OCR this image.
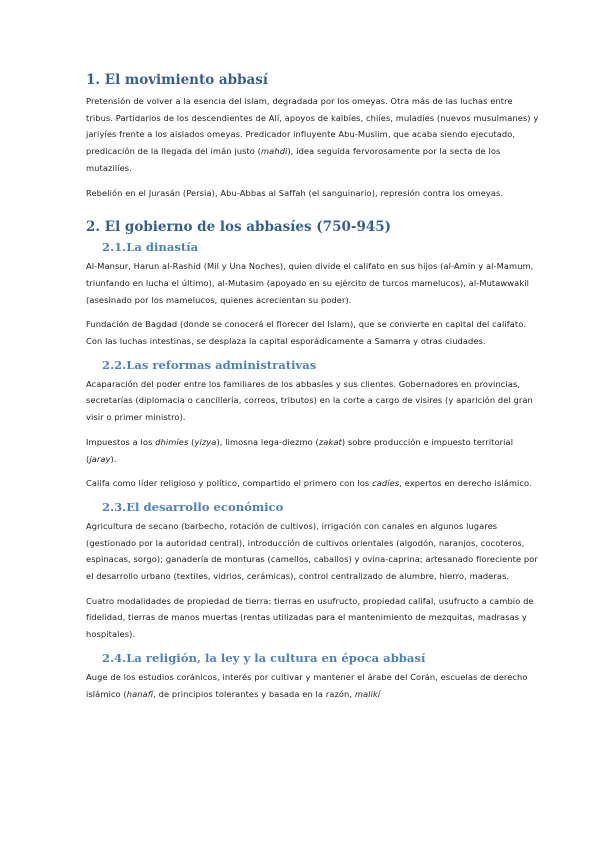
1. El movimiento abbasí

Pretensión de volver a la esencia del islam, degradada por los omeyas. Otra más de las luchas entre tribus. Partidarios de los descendientes de Alí, apoyos de kalbíes, chiíes, muladíes (nuevos musulmanes) y jariyíes frente a los aislados omeyas. Predicador influyente Abu-Muslim, que acaba siendo ejecutado, predicación de la llegada del imán justo (mahdi), idea seguida fervorosamente por la secta de los mutazilíes.

Rebelión en el Jurasán (Persia), Abu-Abbas al Saffah (el sanguinario), represión contra los omeyas.

2. El gobierno de los abbasíes (750-945)
2.1.La dinastía

Al-Mansur, Harun al-Rashid (Mil y Una Noches), quien divide el califato en sus hijos (al-Amin y al-Mamum, triunfando en lucha el último), al-Mutasim (apoyado en su ejército de turcos mamelucos), al-Mutawwakil (asesinado por los mamelucos, quienes acrecientan su poder).

Fundación de Bagdad (donde se conocerá el florecer del Islam), que se convierte en capital del califato. Con las luchas intestinas, se desplaza la capital esporádicamente a Samarra y otras ciudades.

2.2.Las reformas administrativas

Acaparación del poder entre los familiares de los abbasíes y sus clientes. Gobernadores en provincias, secretarías (diplomacia o cancillería, correos, tributos) en la corte a cargo de visires (y aparición del gran visir o primer ministro).

Impuestos a los dhimíes (yizya), limosna lega-diezmo (zakat) sobre producción e impuesto territorial (jaray).

Califa como líder religioso y político, compartido el primero con los cadíes, expertos en derecho islámico.

2.3.El desarrollo económico

Agricultura de secano (barbecho, rotación de cultivos), irrigación con canales en algunos lugares (gestionado por la autoridad central), introducción de cultivos orientales (algodón, naranjos, cocoteros, espinacas, sorgo); ganadería de monturas (camellos, caballos) y ovina-caprina; artesanado floreciente por el desarrollo urbano (textiles, vidrios, cerámicas), control centralizado de alumbre, hierro, maderas.

Cuatro modalidades de propiedad de tierra: tierras en usufructo, propiedad califal, usufructo a cambio de fidelidad, tierras de manos muertas (rentas utilizadas para el mantenimiento de mezquitas, madrasas y hospitales).

2.4.La religión, la ley y la cultura en época abbasí

Auge de los estudios coránicos, interés por cultivar y mantener el árabe del Corán, escuelas de derecho islámico (hanafí, de principios tolerantes y basada en la razón, malikí
